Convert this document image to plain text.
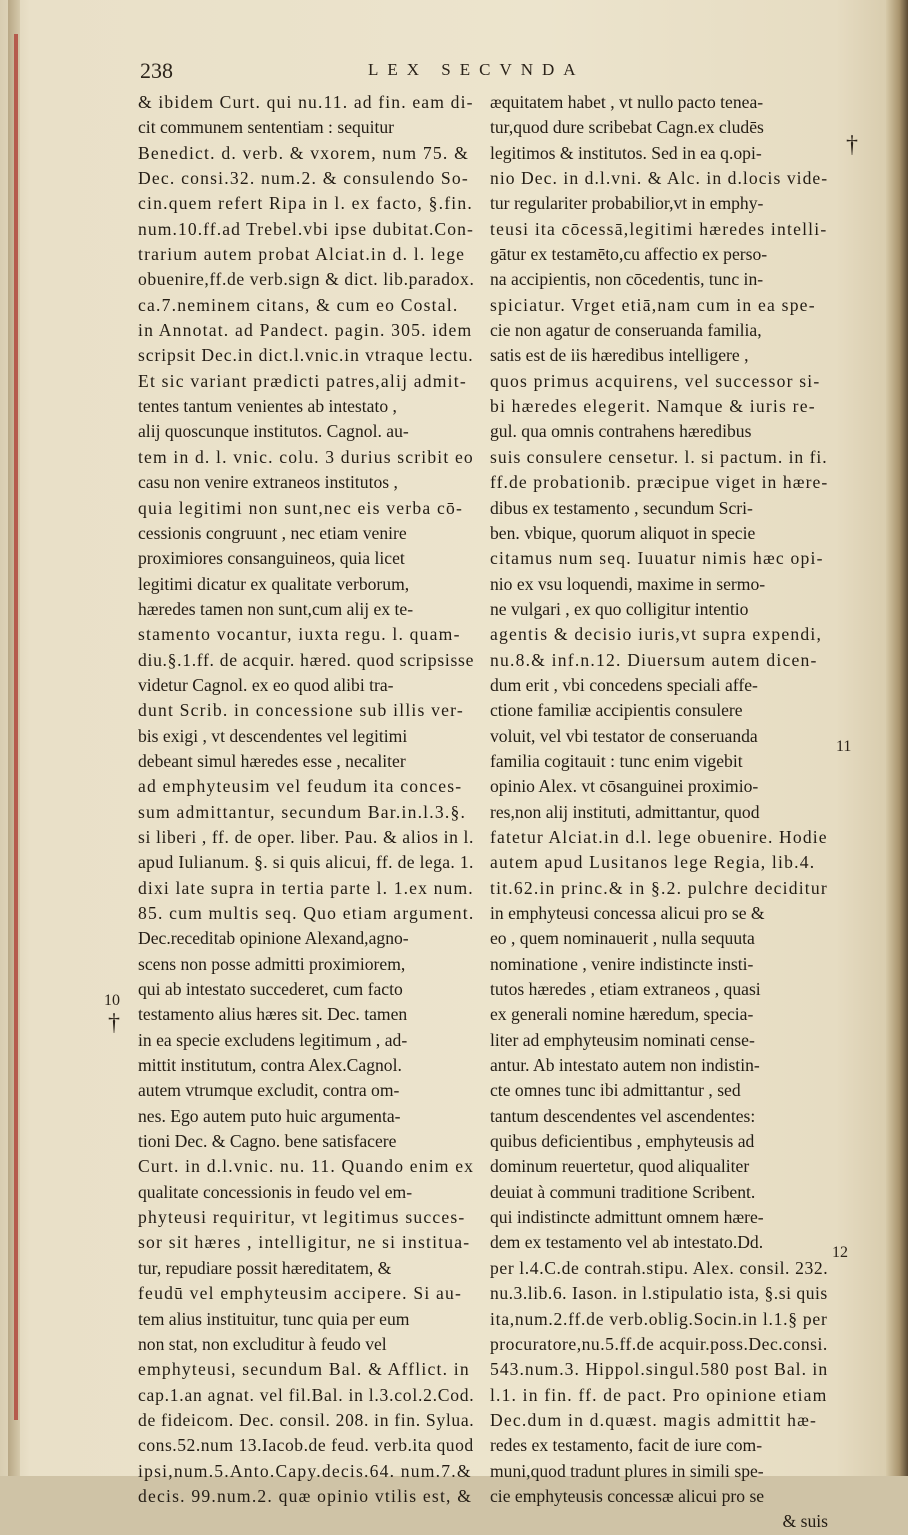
238	LEX SECVNDA
& ibidem Curt. qui nu.11. ad fin. eam di-
cit communem sententiam : sequitur
Benedict. d. verb. & vxorem, num 75. &
Dec. consi.32. num.2. & consulendo So-
cin.quem refert Ripa in l. ex facto, §.fin.
num.10.ff.ad Trebel.vbi ipse dubitat.Con-
trarium autem probat Alciat.in d. l. lege
obuenire,ff.de verb.sign & dict. lib.paradox.
ca.7.neminem citans, & cum eo Costal.
in Annotat. ad Pandect. pagin. 305. idem
scripsit Dec.in dict.l.vnic.in vtraque lectu.
Et sic variant prædicti patres,alij admit-
tentes tantum venientes ab intestato ,
alij quoscunque institutos. Cagnol. au-
tem in d. l. vnic. colu. 3 durius scribit eo
casu non venire extraneos institutos ,
quia legitimi non sunt,nec eis verba cō-
cessionis congruunt , nec etiam venire
proximiores consanguineos, quia licet
legitimi dicatur ex qualitate verborum,
hæredes tamen non sunt,cum alij ex te-
stamento vocantur, iuxta regu. l. quam-
diu.§.1.ff. de acquir. hæred. quod scripsisse
videtur Cagnol. ex eo quod alibi tra-
dunt Scrib. in concessione sub illis ver-
bis exigi , vt descendentes vel legitimi
debeant simul hæredes esse , necaliter
ad emphyteusim vel feudum ita conces-
sum admittantur, secundum Bar.in.l.3.§.
si liberi , ff. de oper. liber. Pau. & alios in l.
apud Iulianum. §. si quis alicui, ff. de lega. 1.
dixi late supra in tertia parte l. 1.ex num.
85. cum multis seq. Quo etiam argument.
Dec.receditab opinione Alexand,agno-
scens non posse admitti proximiorem,
qui ab intestato succederet, cum facto
testamento alius hæres sit. Dec. tamen
in ea specie excludens legitimum , ad-
mittit institutum, contra Alex.Cagnol.
autem vtrumque excludit, contra om-
nes. Ego autem puto huic argumenta-
tioni Dec. & Cagno. bene satisfacere
Curt. in d.l.vnic. nu. 11. Quando enim ex
qualitate concessionis in feudo vel em-
phyteusi requiritur, vt legitimus succes-
sor sit hæres , intelligitur, ne si institua-
tur, repudiare possit hæreditatem, &
feudū vel emphyteusim accipere. Si au-
tem alius instituitur, tunc quia per eum
non stat, non excluditur à feudo vel
emphyteusi, secundum Bal. & Afflict. in
cap.1.an agnat. vel fil.Bal. in l.3.col.2.Cod.
de fideicom. Dec. consil. 208. in fin. Sylua.
cons.52.num 13.Iacob.de feud. verb.ita quod
ipsi,num.5.Anto.Capy.decis.64. num.7.&
decis. 99.num.2. quæ opinio vtilis est, &
æquitatem habet , vt nullo pacto tenea-
tur,quod dure scribebat Cagn.ex cludēs
legitimos & institutos. Sed in ea q.opi-
nio Dec. in d.l.vni. & Alc. in d.locis vide-
tur regulariter probabilior,vt in emphy-
teusi ita cōcessā,legitimi hæredes intelli-
gātur ex testamēto,cu affectio ex perso-
na accipientis, non cōcedentis, tunc in-
spiciatur. Vrget etiā,nam cum in ea spe-
cie non agatur de conseruanda familia,
satis est de iis hæredibus intelligere ,
quos primus acquirens, vel successor si-
bi hæredes elegerit. Namque & iuris re-
gul. qua omnis contrahens hæredibus
suis consulere censetur. l. si pactum. in fi.
ff.de probationib. præcipue viget in hære-
dibus ex testamento , secundum Scri-
ben. vbique, quorum aliquot in specie
citamus num seq. Iuuatur nimis hæc opi-
nio ex vsu loquendi, maxime in sermo-
ne vulgari , ex quo colligitur intentio
agentis & decisio iuris,vt supra expendi,
nu.8.& inf.n.12. Diuersum autem dicen-
dum erit , vbi concedens speciali affe-
ctione familiæ accipientis consulere
voluit, vel vbi testator de conseruanda
familia cogitauit : tunc enim vigebit
opinio Alex. vt cōsanguinei proximio-
res,non alij instituti, admittantur, quod
fatetur Alciat.in d.l. lege obuenire. Hodie
autem apud Lusitanos lege Regia, lib.4.
tit.62.in princ.& in §.2. pulchre deciditur
in emphyteusi concessa alicui pro se &
eo , quem nominauerit , nulla sequuta
nominatione , venire indistincte insti-
tutos hæredes , etiam extraneos , quasi
ex generali nomine hæredum, specia-
liter ad emphyteusim nominati cense-
antur. Ab intestato autem non indistin-
cte omnes tunc ibi admittantur , sed
tantum descendentes vel ascendentes:
quibus deficientibus , emphyteusis ad
dominum reuertetur, quod aliqualiter
deuiat à communi traditione Scribent.
qui indistincte admittunt omnem hære-
dem ex testamento vel ab intestato.Dd.
per l.4.C.de contrah.stipu. Alex. consil. 232.
nu.3.lib.6. Iason. in l.stipulatio ista, §.si quis
ita,num.2.ff.de verb.oblig.Socin.in l.1.§ per
procuratore,nu.5.ff.de acquir.poss.Dec.consi.
543.num.3. Hippol.singul.580 post Bal. in
l.1. in fin. ff. de pact. Pro opinione etiam
Dec.dum in d.quæst. magis admittit hæ-
redes ex testamento, facit de iure com-
muni,quod tradunt plures in simili spe-
cie emphyteusis concessæ alicui pro se
& suis
†
11
10
†
12
